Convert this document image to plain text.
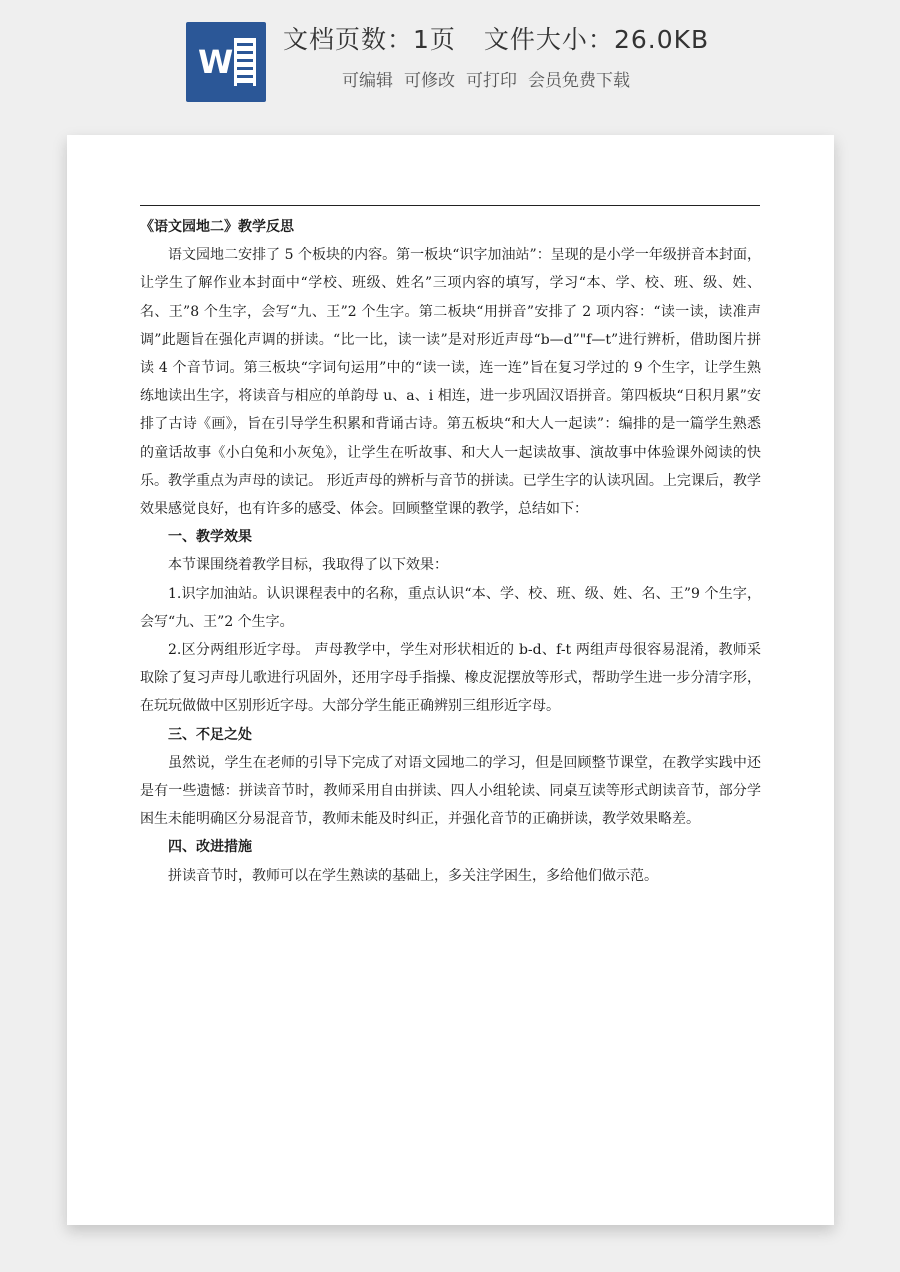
W
文档页数：1页 文件大小：26.0KB
可编辑 可修改 可打印 会员免费下载

《语文园地二》教学反思

语文园地二安排了 5 个板块的内容。第一板块“识字加油站”：呈现的是小学一年级拼音本封面，让学生了解作业本封面中“学校、班级、姓名”三项内容的填写，学习“本、学、校、班、级、姓、名、王”8 个生字，会写“九、王”2 个生字。第二板块“用拼音”安排了 2 项内容：“读一读，读准声调”此题旨在强化声调的拼读。“比一比，读一读”是对形近声母“b—d”"f—t”进行辨析，借助图片拼读 4 个音节词。第三板块“字词句运用”中的“读一读，连一连”旨在复习学过的 9 个生字，让学生熟练地读出生字，将读音与相应的单韵母 u、a、i 相连，进一步巩固汉语拼音。第四板块“日积月累”安排了古诗《画》，旨在引导学生积累和背诵古诗。第五板块“和大人一起读”：编排的是一篇学生熟悉的童话故事《小白兔和小灰兔》，让学生在听故事、和大人一起读故事、演故事中体验课外阅读的快乐。教学重点为声母的读记。 形近声母的辨析与音节的拼读。已学生字的认读巩固。上完课后，教学效果感觉良好，也有许多的感受、体会。回顾整堂课的教学，总结如下：

一、教学效果

本节课围绕着教学目标，我取得了以下效果：

1.识字加油站。认识课程表中的名称，重点认识“本、学、校、班、级、姓、名、王”9 个生字，会写“九、王”2 个生字。

2.区分两组形近字母。 声母教学中，学生对形状相近的 b-d、f-t 两组声母很容易混淆，教师采取除了复习声母儿歌进行巩固外，还用字母手指操、橡皮泥摆放等形式，帮助学生进一步分清字形，在玩玩做做中区别形近字母。大部分学生能正确辨别三组形近字母。

三、不足之处

虽然说，学生在老师的引导下完成了对语文园地二的学习，但是回顾整节课堂，在教学实践中还是有一些遗憾：拼读音节时，教师采用自由拼读、四人小组轮读、同桌互读等形式朗读音节，部分学困生未能明确区分易混音节，教师未能及时纠正，并强化音节的正确拼读，教学效果略差。

四、改进措施

拼读音节时，教师可以在学生熟读的基础上，多关注学困生，多给他们做示范。
